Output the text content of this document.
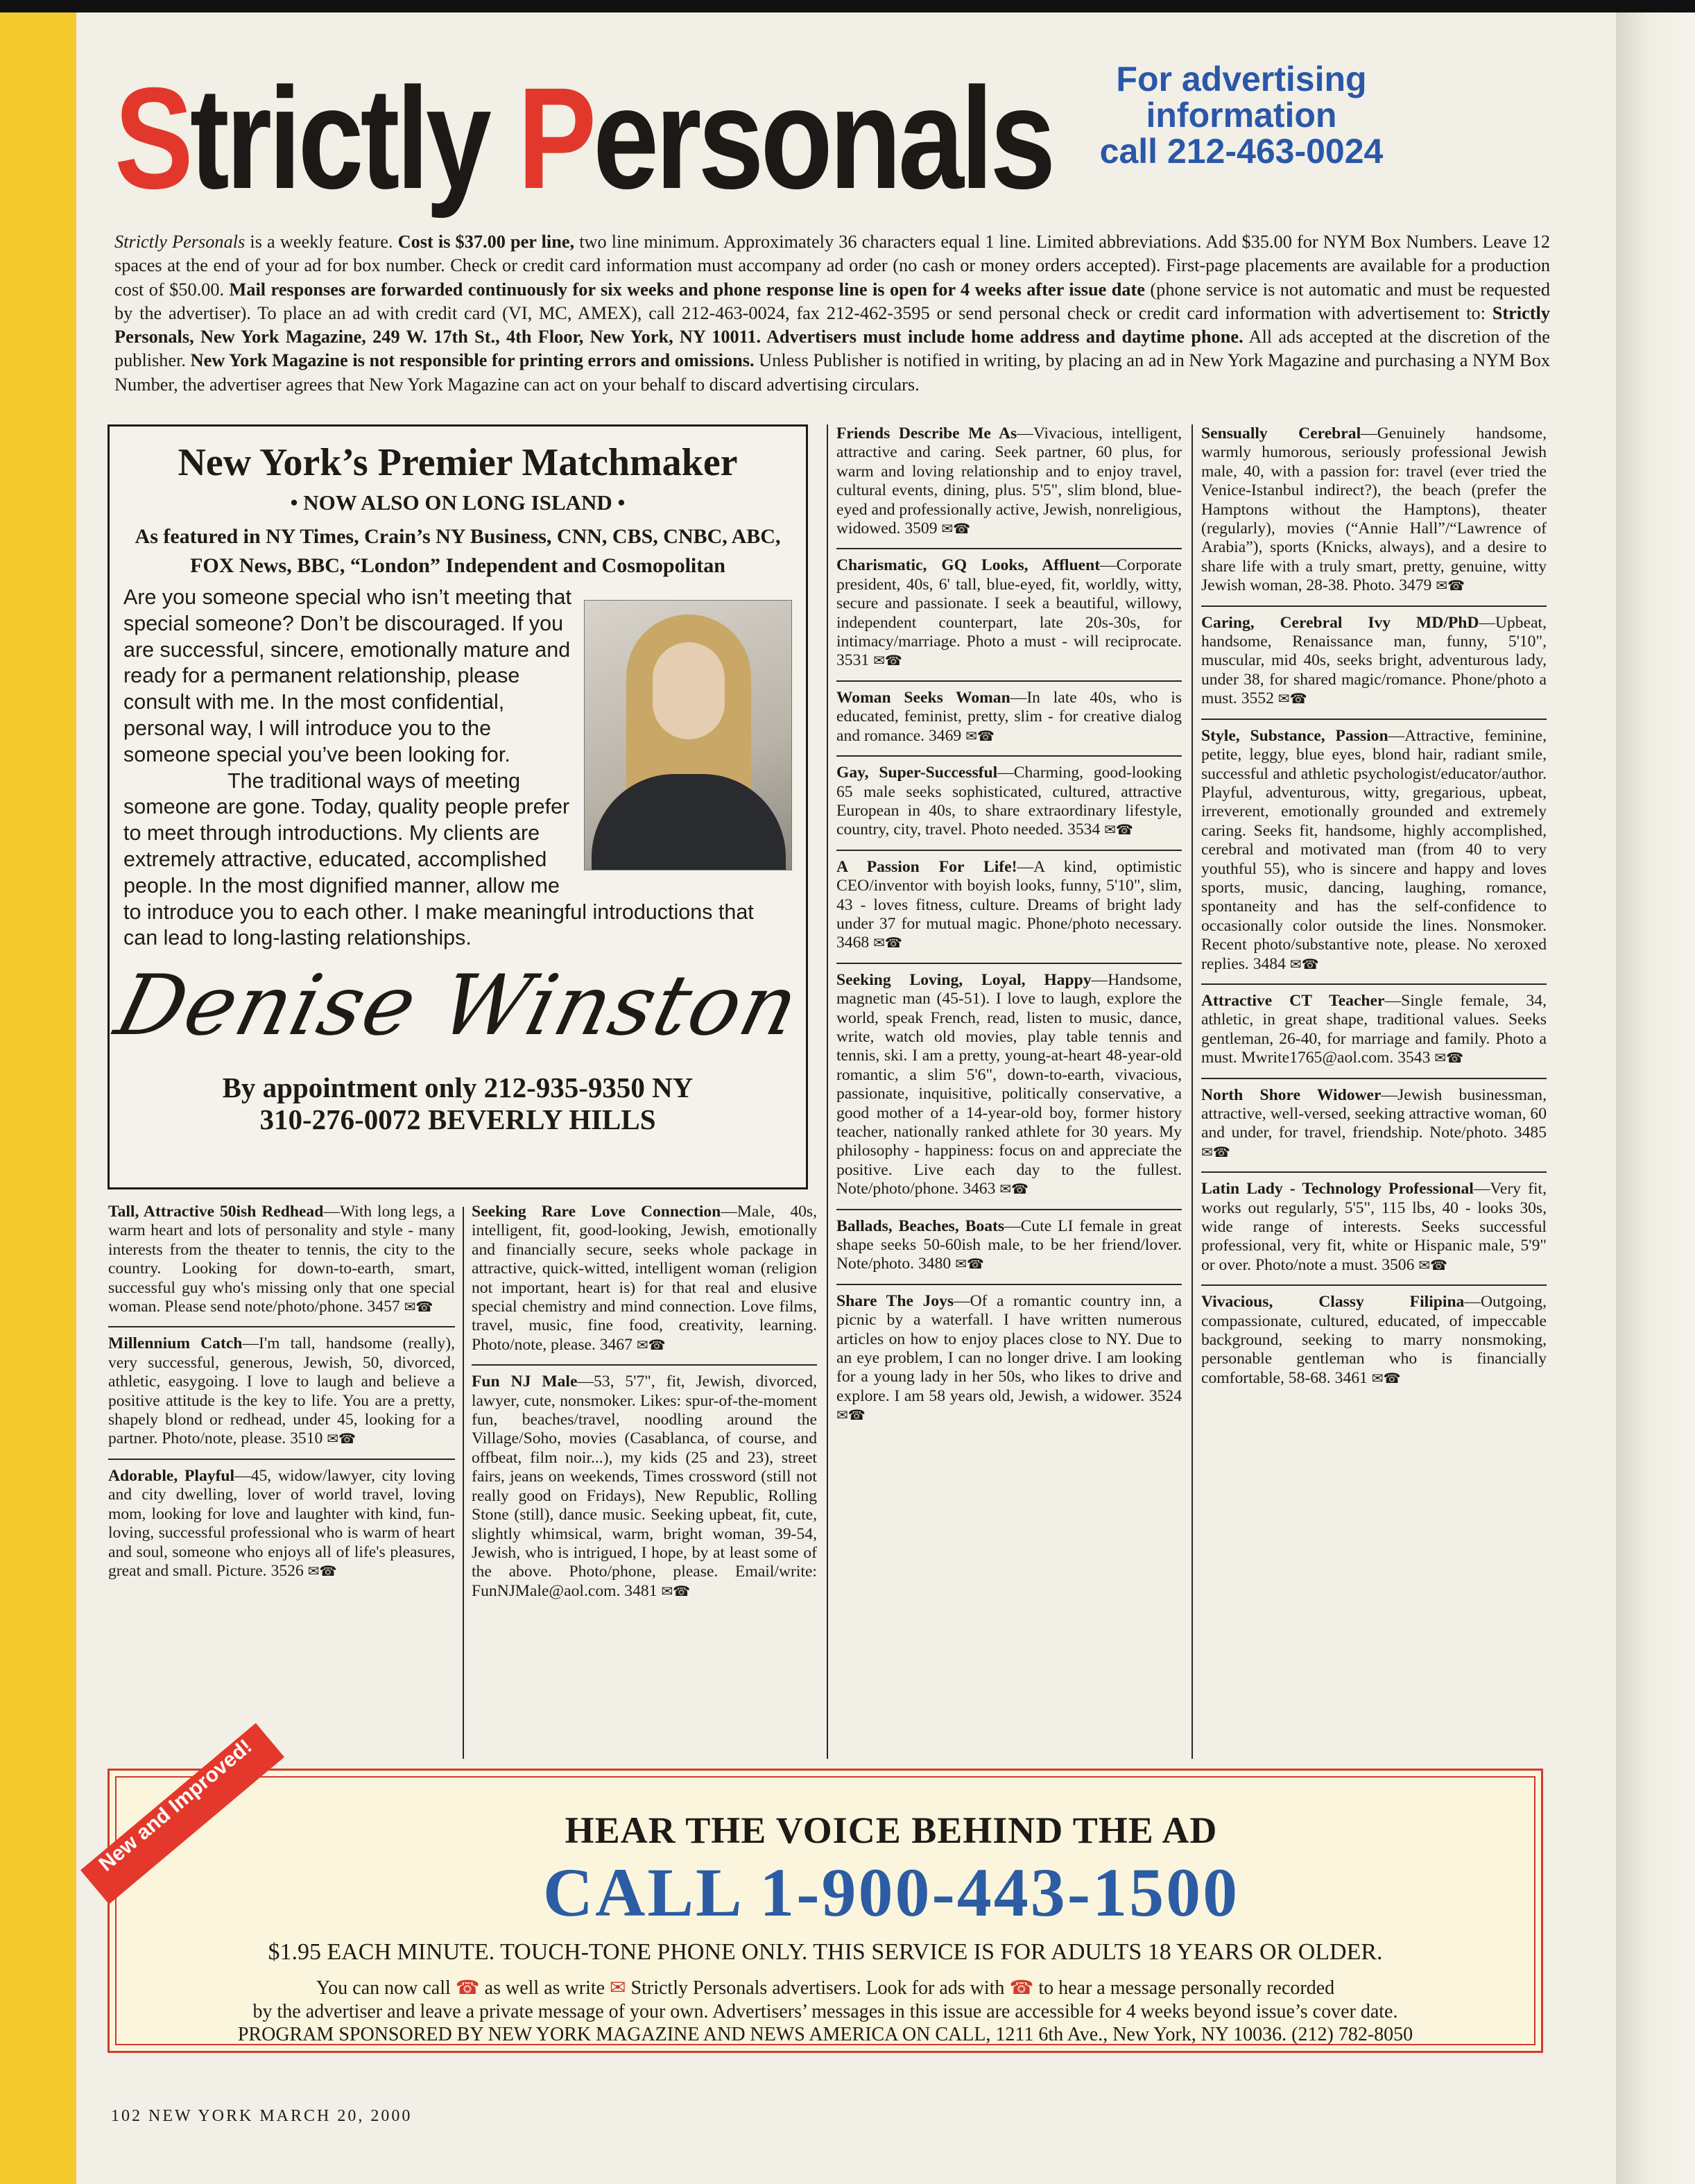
Strictly Personals	For advertising
information
call 212-463-0024
Strictly Personals is a weekly feature. Cost is $37.00 per line, two line minimum. Approximately 36 characters equal 1 line. Limited abbreviations. Add $35.00 for NYM Box Numbers. Leave 12 spaces at the end of your ad for box number. Check or credit card information must accompany ad order (no cash or money orders accepted). First-page placements are available for a production cost of $50.00. Mail responses are forwarded continuously for six weeks and phone response line is open for 4 weeks after issue date (phone service is not automatic and must be requested by the advertiser). To place an ad with credit card (VI, MC, AMEX), call 212-463-0024, fax 212-462-3595 or send personal check or credit card information with advertisement to: Strictly Personals, New York Magazine, 249 W. 17th St., 4th Floor, New York, NY 10011. Advertisers must include home address and daytime phone. All ads accepted at the discretion of the publisher. New York Magazine is not responsible for printing errors and omissions. Unless Publisher is notified in writing, by placing an ad in New York Magazine and purchasing a NYM Box Number, the advertiser agrees that New York Magazine can act on your behalf to discard advertising circulars.
New York’s Premier Matchmaker
• NOW ALSO ON LONG ISLAND •
As featured in NY Times, Crain’s NY Business, CNN, CBS, CNBC, ABC, FOX News, BBC, “London” Independent and Cosmopolitan
Are you someone special who isn’t meeting that special someone? Don’t be discouraged. If you are successful, sincere, emotionally mature and ready for a permanent relationship, please consult with me. In the most confidential, personal way, I will introduce you to the someone special you’ve been looking for.
The traditional ways of meeting someone are gone. Today, quality people prefer to meet through introductions. My clients are extremely attractive, educated, accomplished people. In the most dignified manner, allow me to introduce you to each other. I make meaningful introductions that can lead to long-lasting relationships.
Denise Winston
By appointment only 212-935-9350 NY
310-276-0072 BEVERLY HILLS
Tall, Attractive 50ish Redhead—With long legs, a warm heart and lots of personality and style - many interests from the theater to tennis, the city to the country. Looking for down-to-earth, smart, successful guy who's missing only that one special woman. Please send note/photo/phone. 3457 ✉☎
Millennium Catch—I'm tall, handsome (really), very successful, generous, Jewish, 50, divorced, athletic, easygoing. I love to laugh and believe a positive attitude is the key to life. You are a pretty, shapely blond or redhead, under 45, looking for a partner. Photo/note, please. 3510 ✉☎
Adorable, Playful—45, widow/lawyer, city loving and city dwelling, lover of world travel, loving mom, looking for love and laughter with kind, fun-loving, successful professional who is warm of heart and soul, someone who enjoys all of life's pleasures, great and small. Picture. 3526 ✉☎
Seeking Rare Love Connection—Male, 40s, intelligent, fit, good-looking, Jewish, emotionally and financially secure, seeks whole package in attractive, quick-witted, intelligent woman (religion not important, heart is) for that real and elusive special chemistry and mind connection. Love films, travel, music, fine food, creativity, learning. Photo/note, please. 3467 ✉☎
Fun NJ Male—53, 5'7", fit, Jewish, divorced, lawyer, cute, nonsmoker. Likes: spur-of-the-moment fun, beaches/travel, noodling around the Village/Soho, movies (Casablanca, of course, and offbeat, film noir...), my kids (25 and 23), street fairs, jeans on weekends, Times crossword (still not really good on Fridays), New Republic, Rolling Stone (still), dance music. Seeking upbeat, fit, cute, slightly whimsical, warm, bright woman, 39-54, Jewish, who is intrigued, I hope, by at least some of the above. Photo/phone, please. Email/write: FunNJMale@aol.com. 3481 ✉☎
Friends Describe Me As—Vivacious, intelligent, attractive and caring. Seek partner, 60 plus, for warm and loving relationship and to enjoy travel, cultural events, dining, plus. 5'5", slim blond, blue-eyed and professionally active, Jewish, nonreligious, widowed. 3509 ✉☎
Charismatic, GQ Looks, Affluent—Corporate president, 40s, 6' tall, blue-eyed, fit, worldly, witty, secure and passionate. I seek a beautiful, willowy, independent counterpart, late 20s-30s, for intimacy/marriage. Photo a must - will reciprocate. 3531 ✉☎
Woman Seeks Woman—In late 40s, who is educated, feminist, pretty, slim - for creative dialog and romance. 3469 ✉☎
Gay, Super-Successful—Charming, good-looking 65 male seeks sophisticated, cultured, attractive European in 40s, to share extraordinary lifestyle, country, city, travel. Photo needed. 3534 ✉☎
A Passion For Life!—A kind, optimistic CEO/inventor with boyish looks, funny, 5'10", slim, 43 - loves fitness, culture. Dreams of bright lady under 37 for mutual magic. Phone/photo necessary. 3468 ✉☎
Seeking Loving, Loyal, Happy—Handsome, magnetic man (45-51). I love to laugh, explore the world, speak French, read, listen to music, dance, write, watch old movies, play table tennis and tennis, ski. I am a pretty, young-at-heart 48-year-old romantic, a slim 5'6", down-to-earth, vivacious, passionate, inquisitive, politically conservative, a good mother of a 14-year-old boy, former history teacher, nationally ranked athlete for 30 years. My philosophy - happiness: focus on and appreciate the positive. Live each day to the fullest. Note/photo/phone. 3463 ✉☎
Ballads, Beaches, Boats—Cute LI female in great shape seeks 50-60ish male, to be her friend/lover. Note/photo. 3480 ✉☎
Share The Joys—Of a romantic country inn, a picnic by a waterfall. I have written numerous articles on how to enjoy places close to NY. Due to an eye problem, I can no longer drive. I am looking for a young lady in her 50s, who likes to drive and explore. I am 58 years old, Jewish, a widower. 3524 ✉☎
Sensually Cerebral—Genuinely handsome, warmly humorous, seriously professional Jewish male, 40, with a passion for: travel (ever tried the Venice-Istanbul indirect?), the beach (prefer the Hamptons without the Hamptons), theater (regularly), movies (“Annie Hall”/“Lawrence of Arabia”), sports (Knicks, always), and a desire to share life with a truly smart, pretty, genuine, witty Jewish woman, 28-38. Photo. 3479 ✉☎
Caring, Cerebral Ivy MD/PhD—Upbeat, handsome, Renaissance man, funny, 5'10", muscular, mid 40s, seeks bright, adventurous lady, under 38, for shared magic/romance. Phone/photo a must. 3552 ✉☎
Style, Substance, Passion—Attractive, feminine, petite, leggy, blue eyes, blond hair, radiant smile, successful and athletic psychologist/educator/author. Playful, adventurous, witty, gregarious, upbeat, irreverent, emotionally grounded and extremely caring. Seeks fit, handsome, highly accomplished, cerebral and motivated man (from 40 to very youthful 55), who is sincere and happy and loves sports, music, dancing, laughing, romance, spontaneity and has the self-confidence to occasionally color outside the lines. Nonsmoker. Recent photo/substantive note, please. No xeroxed replies. 3484 ✉☎
Attractive CT Teacher—Single female, 34, athletic, in great shape, traditional values. Seeks gentleman, 26-40, for marriage and family. Photo a must. Mwrite1765@aol.com. 3543 ✉☎
North Shore Widower—Jewish businessman, attractive, well-versed, seeking attractive woman, 60 and under, for travel, friendship. Note/photo. 3485 ✉☎
Latin Lady - Technology Professional—Very fit, works out regularly, 5'5", 115 lbs, 40 - looks 30s, wide range of interests. Seeks successful professional, very fit, white or Hispanic male, 5'9" or over. Photo/note a must. 3506 ✉☎
Vivacious, Classy Filipina—Outgoing, compassionate, cultured, educated, of impeccable background, seeking to marry nonsmoking, personable gentleman who is financially comfortable, 58-68. 3461 ✉☎
New and Improved!	HEAR THE VOICE BEHIND THE AD
CALL 1-900-443-1500
$1.95 EACH MINUTE. TOUCH-TONE PHONE ONLY. THIS SERVICE IS FOR ADULTS 18 YEARS OR OLDER.
You can now call ☎ as well as write ✉ Strictly Personals advertisers. Look for ads with ☎ to hear a message personally recorded
by the advertiser and leave a private message of your own. Advertisers’ messages in this issue are accessible for 4 weeks beyond issue’s cover date.
PROGRAM SPONSORED BY NEW YORK MAGAZINE AND NEWS AMERICA ON CALL, 1211 6th Ave., New York, NY 10036. (212) 782-8050
102 NEW YORK MARCH 20, 2000
